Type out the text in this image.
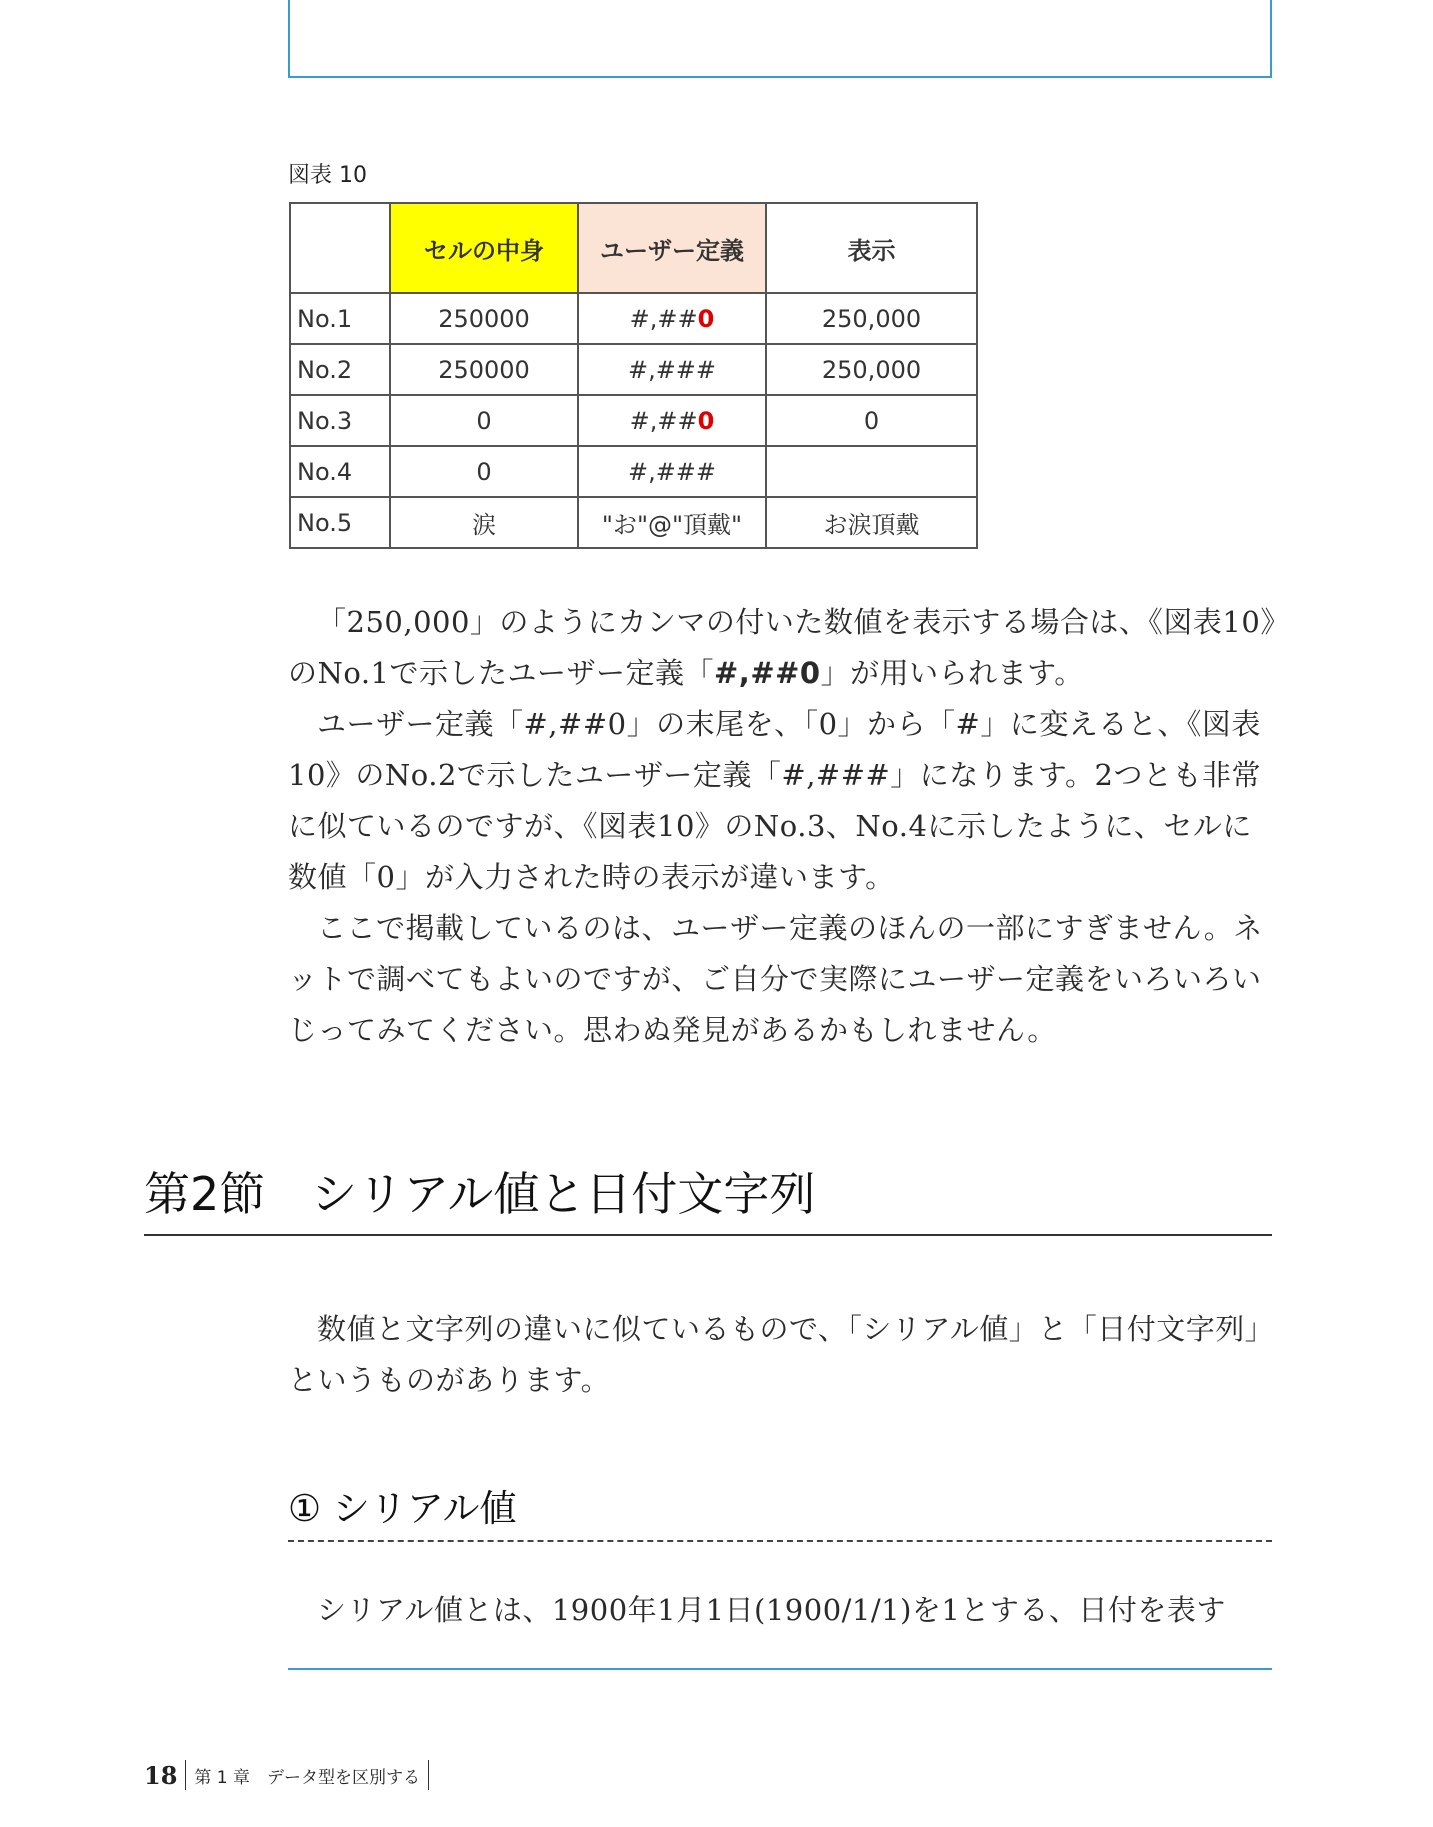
図表 10
	セルの中身	ユーザー定義	表示
No.1	250000	#,##0	250,000
No.2	250000	#,###	250,000
No.3	0	#,##0	0
No.4	0	#,###	
No.5	涙	"お"@"頂戴"	お涙頂戴

「250,000」のようにカンマの付いた数値を表示する場合は、《図表10》のNo.1で示したユーザー定義「#,##0」が用いられます。

ユーザー定義「#,##0」の末尾を、「0」から「#」に変えると、《図表10》のNo.2で示したユーザー定義「#,###」になります。2つとも非常に似ているのですが、《図表10》のNo.3、No.4に示したように、セルに数値「0」が入力された時の表示が違います。

ここで掲載しているのは、ユーザー定義のほんの一部にすぎません。ネットで調べてもよいのですが、ご自分で実際にユーザー定義をいろいろいじってみてください。思わぬ発見があるかもしれません。

第2節　シリアル値と日付文字列

数値と文字列の違いに似ているもので、「シリアル値」と「日付文字列」というものがあります。

① シリアル値

シリアル値とは、1900年1月1日(1900/1/1)を1とする、日付を表す

18 第 1 章　データ型を区別する
